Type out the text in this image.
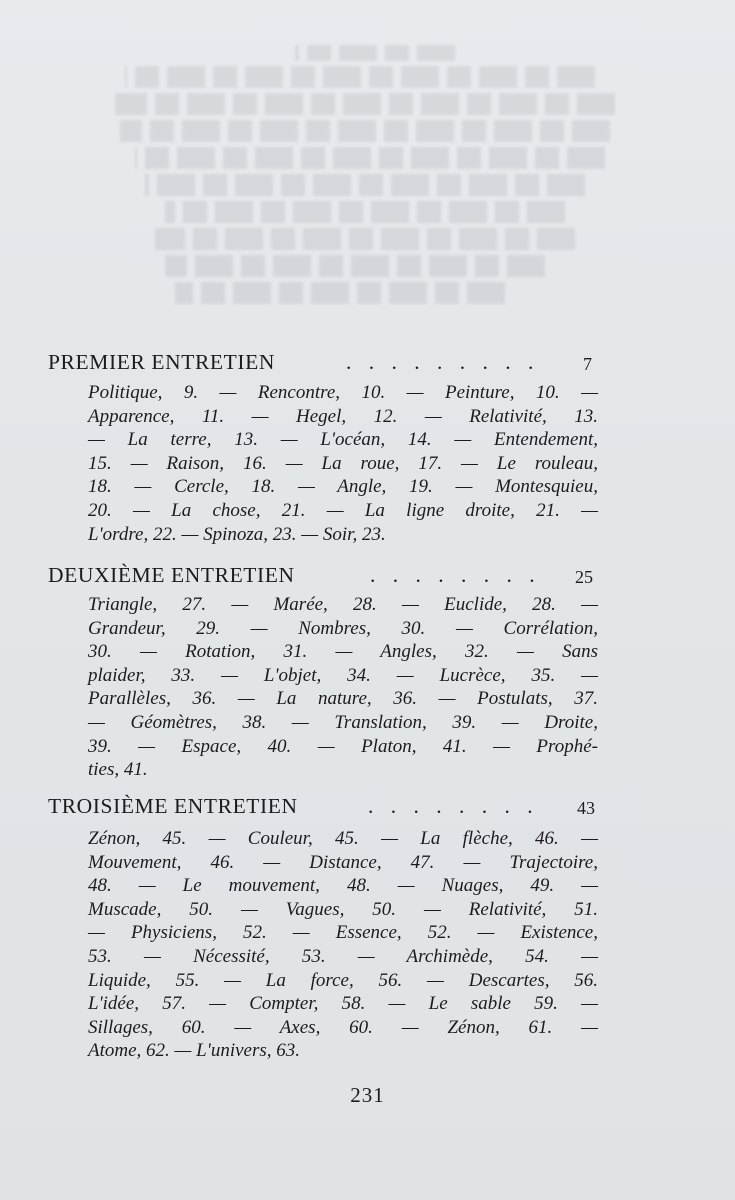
PREMIER ENTRETIEN	. . . . . . . . . 7
Politique, 9. — Rencontre, 10. — Peinture, 10. —
Apparence, 11. — Hegel, 12. — Relativité, 13.
— La terre, 13. — L'océan, 14. — Entendement,
15. — Raison, 16. — La roue, 17. — Le rouleau,
18. — Cercle, 18. — Angle, 19. — Montesquieu,
20. — La chose, 21. — La ligne droite, 21. —
L'ordre, 22. — Spinoza, 23. — Soir, 23.
DEUXIÈME ENTRETIEN	. . . . . . . . 25
Triangle, 27. — Marée, 28. — Euclide, 28. —
Grandeur, 29. — Nombres, 30. — Corrélation,
30. — Rotation, 31. — Angles, 32. — Sans
plaider, 33. — L'objet, 34. — Lucrèce, 35. —
Parallèles, 36. — La nature, 36. — Postulats, 37.
— Géomètres, 38. — Translation, 39. — Droite,
39. — Espace, 40. — Platon, 41. — Prophé-
ties, 41.
TROISIÈME ENTRETIEN	. . . . . . . . 43
Zénon, 45. — Couleur, 45. — La flèche, 46. —
Mouvement, 46. — Distance, 47. — Trajectoire,
48. — Le mouvement, 48. — Nuages, 49. —
Muscade, 50. — Vagues, 50. — Relativité, 51.
— Physiciens, 52. — Essence, 52. — Existence,
53. — Nécessité, 53. — Archimède, 54. —
Liquide, 55. — La force, 56. — Descartes, 56.
L'idée, 57. — Compter, 58. — Le sable 59. —
Sillages, 60. — Axes, 60. — Zénon, 61. —
Atome, 62. — L'univers, 63.
231
